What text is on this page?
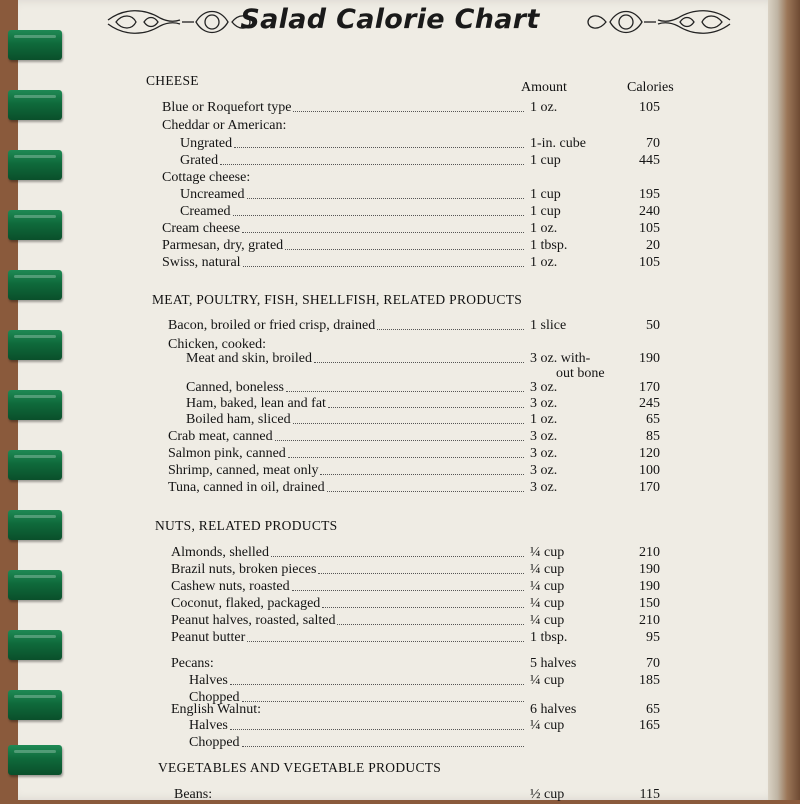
Salad Calorie Chart
Amount	Calories
CHEESE
Blue or Roquefort type	1 oz.	105
Cheddar or American:
Ungrated	1-in. cube	70
Grated	1 cup	445
Cottage cheese:
Uncreamed	1 cup	195
Creamed	1 cup	240
Cream cheese	1 oz.	105
Parmesan, dry, grated	1 tbsp.	20
Swiss, natural	1 oz.	105
MEAT, POULTRY, FISH, SHELLFISH, RELATED PRODUCTS
Bacon, broiled or fried crisp, drained	1 slice	50
Chicken, cooked:
Meat and skin, broiled	3 oz. with-	190
out bone
Canned, boneless	3 oz.	170
Ham, baked, lean and fat	3 oz.	245
Boiled ham, sliced	1 oz.	65
Crab meat, canned	3 oz.	85
Salmon pink, canned	3 oz.	120
Shrimp, canned, meat only	3 oz.	100
Tuna, canned in oil, drained	3 oz.	170
NUTS, RELATED PRODUCTS
Almonds, shelled	¼ cup	210
Brazil nuts, broken pieces	¼ cup	190
Cashew nuts, roasted	¼ cup	190
Coconut, flaked, packaged	¼ cup	150
Peanut halves, roasted, salted	¼ cup	210
Peanut butter	1 tbsp.	95
Pecans:	5 halves	70
Halves	¼ cup	185
Chopped
English Walnut:	6 halves	65
Halves	¼ cup	165
Chopped
VEGETABLES AND VEGETABLE PRODUCTS
Beans:	½ cup	115
